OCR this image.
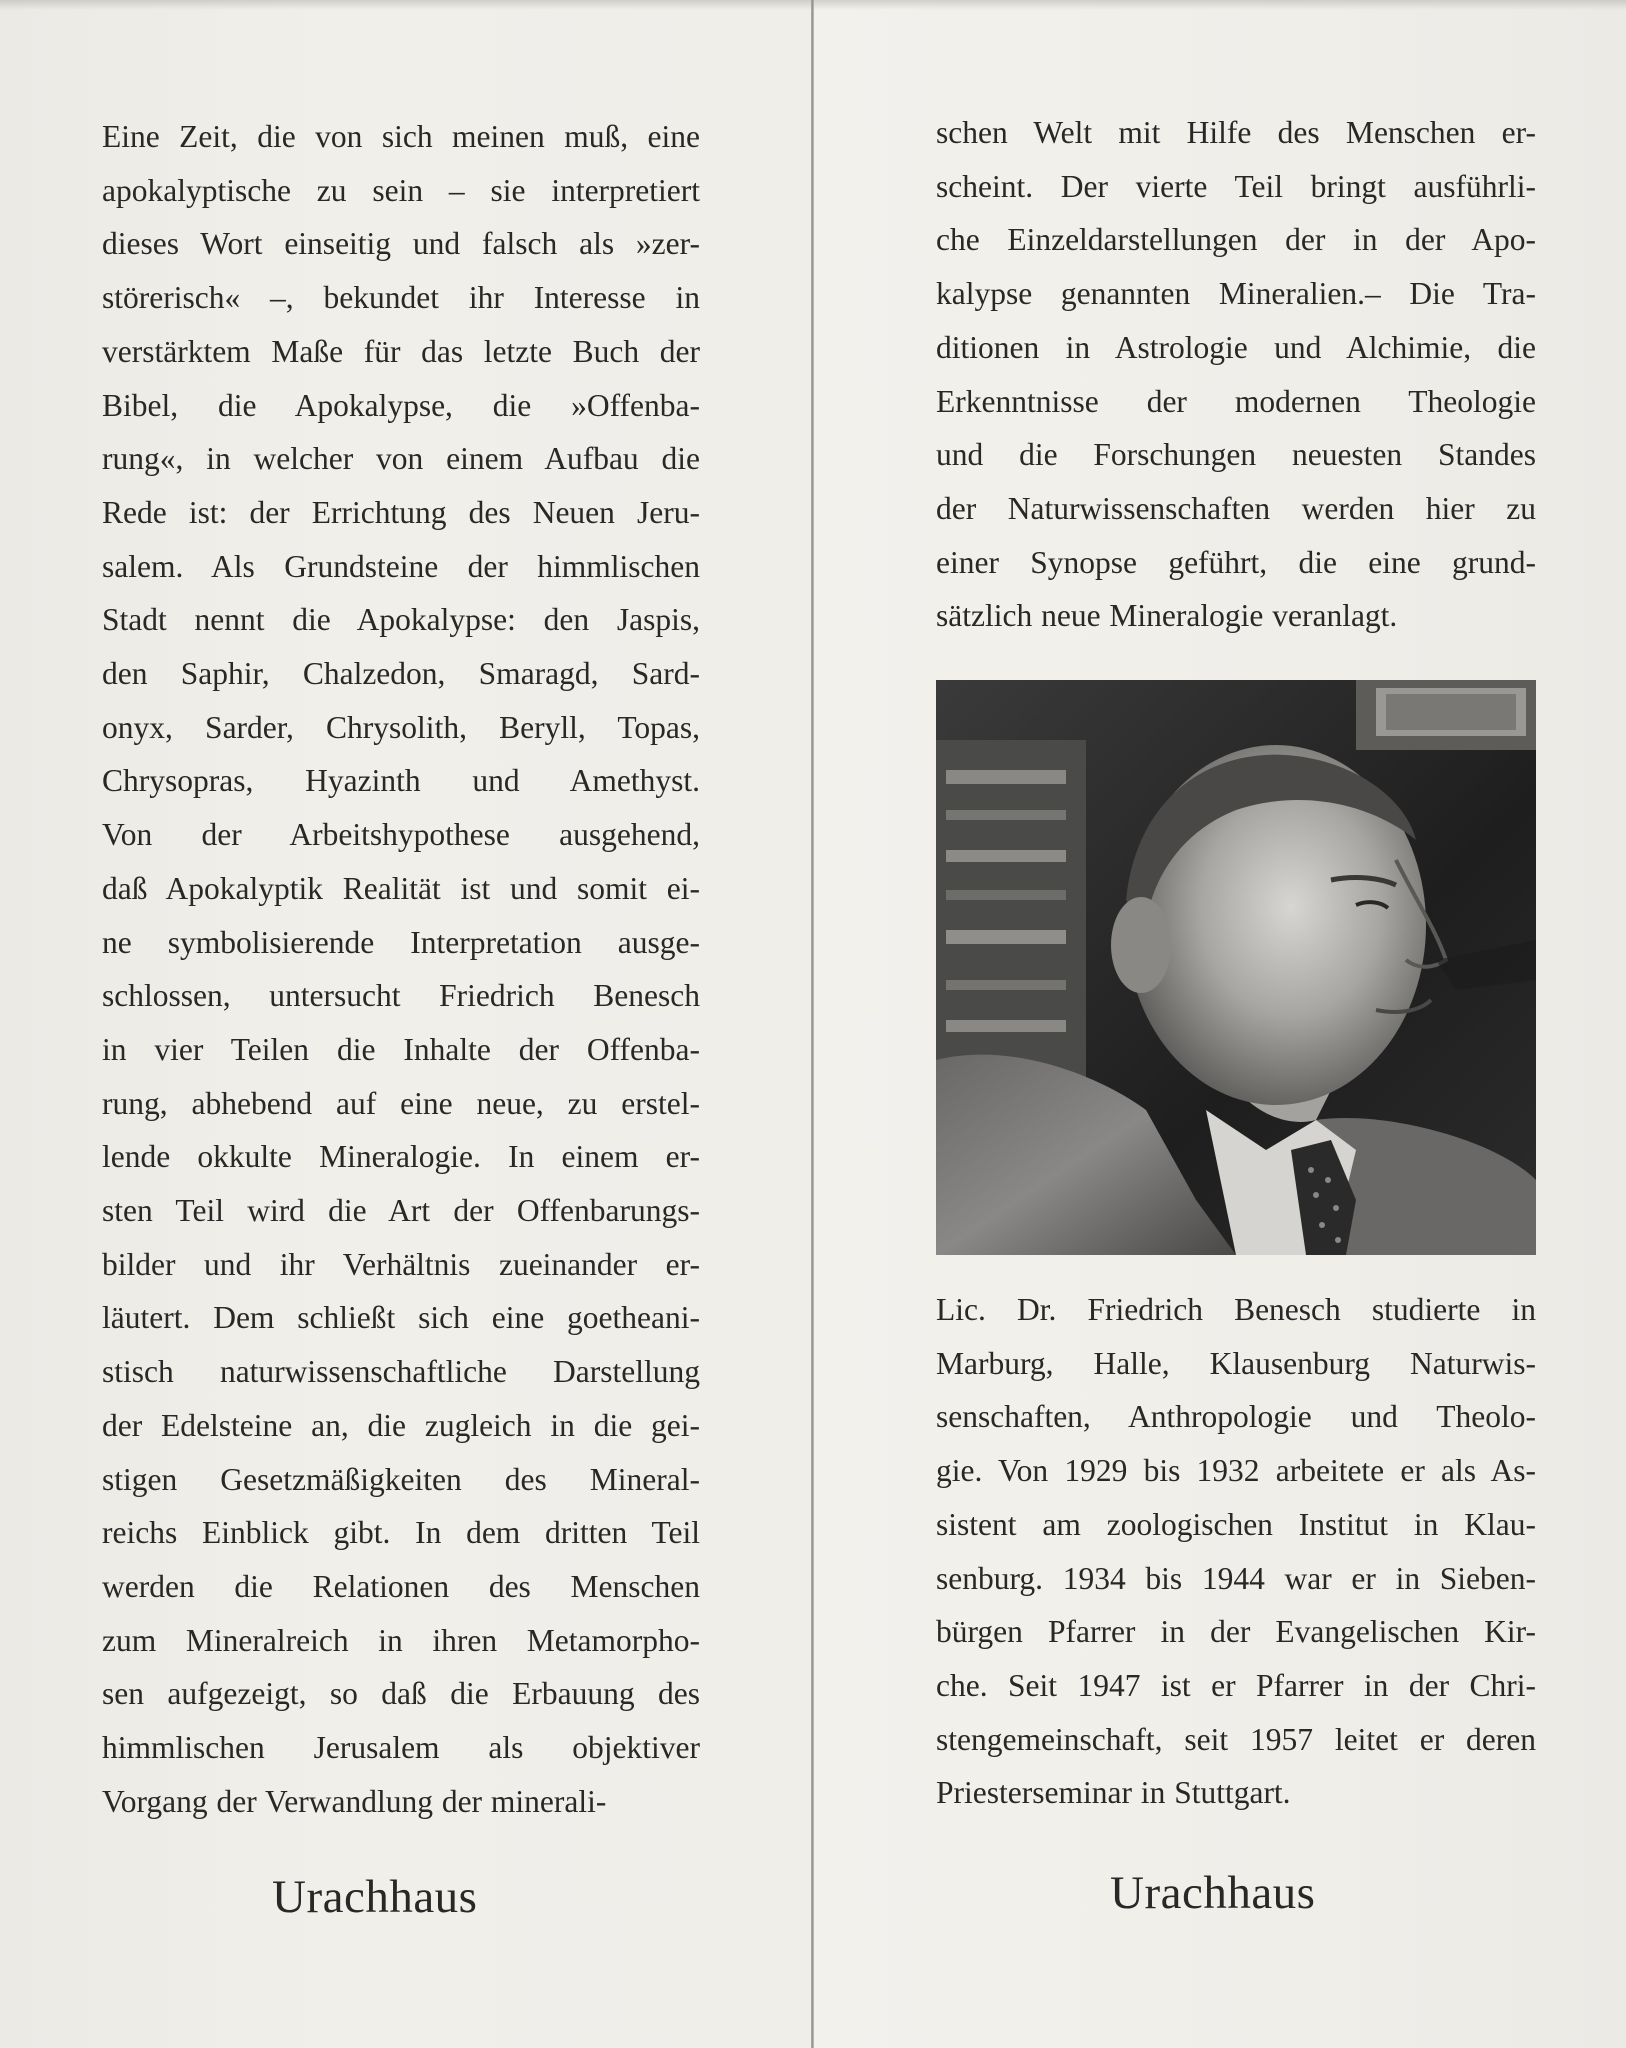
Eine Zeit, die von sich meinen muß, eine
apokalyptische zu sein – sie interpretiert
dieses Wort einseitig und falsch als »zer-
störerisch« –, bekundet ihr Interesse in
verstärktem Maße für das letzte Buch der
Bibel, die Apokalypse, die »Offenba-
rung«, in welcher von einem Aufbau die
Rede ist: der Errichtung des Neuen Jeru-
salem. Als Grundsteine der himmlischen
Stadt nennt die Apokalypse: den Jaspis,
den Saphir, Chalzedon, Smaragd, Sard-
onyx, Sarder, Chrysolith, Beryll, Topas,
Chrysopras, Hyazinth und Amethyst.
Von der Arbeitshypothese ausgehend,
daß Apokalyptik Realität ist und somit ei-
ne symbolisierende Interpretation ausge-
schlossen, untersucht Friedrich Benesch
in vier Teilen die Inhalte der Offenba-
rung, abhebend auf eine neue, zu erstel-
lende okkulte Mineralogie. In einem er-
sten Teil wird die Art der Offenbarungs-
bilder und ihr Verhältnis zueinander er-
läutert. Dem schließt sich eine goetheani-
stisch naturwissenschaftliche Darstellung
der Edelsteine an, die zugleich in die gei-
stigen Gesetzmäßigkeiten des Mineral-
reichs Einblick gibt. In dem dritten Teil
werden die Relationen des Menschen
zum Mineralreich in ihren Metamorpho-
sen aufgezeigt, so daß die Erbauung des
himmlischen Jerusalem als objektiver
Vorgang der Verwandlung der minerali-
Urachhaus
schen Welt mit Hilfe des Menschen er-
scheint. Der vierte Teil bringt ausführli-
che Einzeldarstellungen der in der Apo-
kalypse genannten Mineralien.– Die Tra-
ditionen in Astrologie und Alchimie, die
Erkenntnisse der modernen Theologie
und die Forschungen neuesten Standes
der Naturwissenschaften werden hier zu
einer Synopse geführt, die eine grund-
sätzlich neue Mineralogie veranlagt.
Lic. Dr. Friedrich Benesch studierte in
Marburg, Halle, Klausenburg Naturwis-
senschaften, Anthropologie und Theolo-
gie. Von 1929 bis 1932 arbeitete er als As-
sistent am zoologischen Institut in Klau-
senburg. 1934 bis 1944 war er in Sieben-
bürgen Pfarrer in der Evangelischen Kir-
che. Seit 1947 ist er Pfarrer in der Chri-
stengemeinschaft, seit 1957 leitet er deren
Priesterseminar in Stuttgart.
Urachhaus
